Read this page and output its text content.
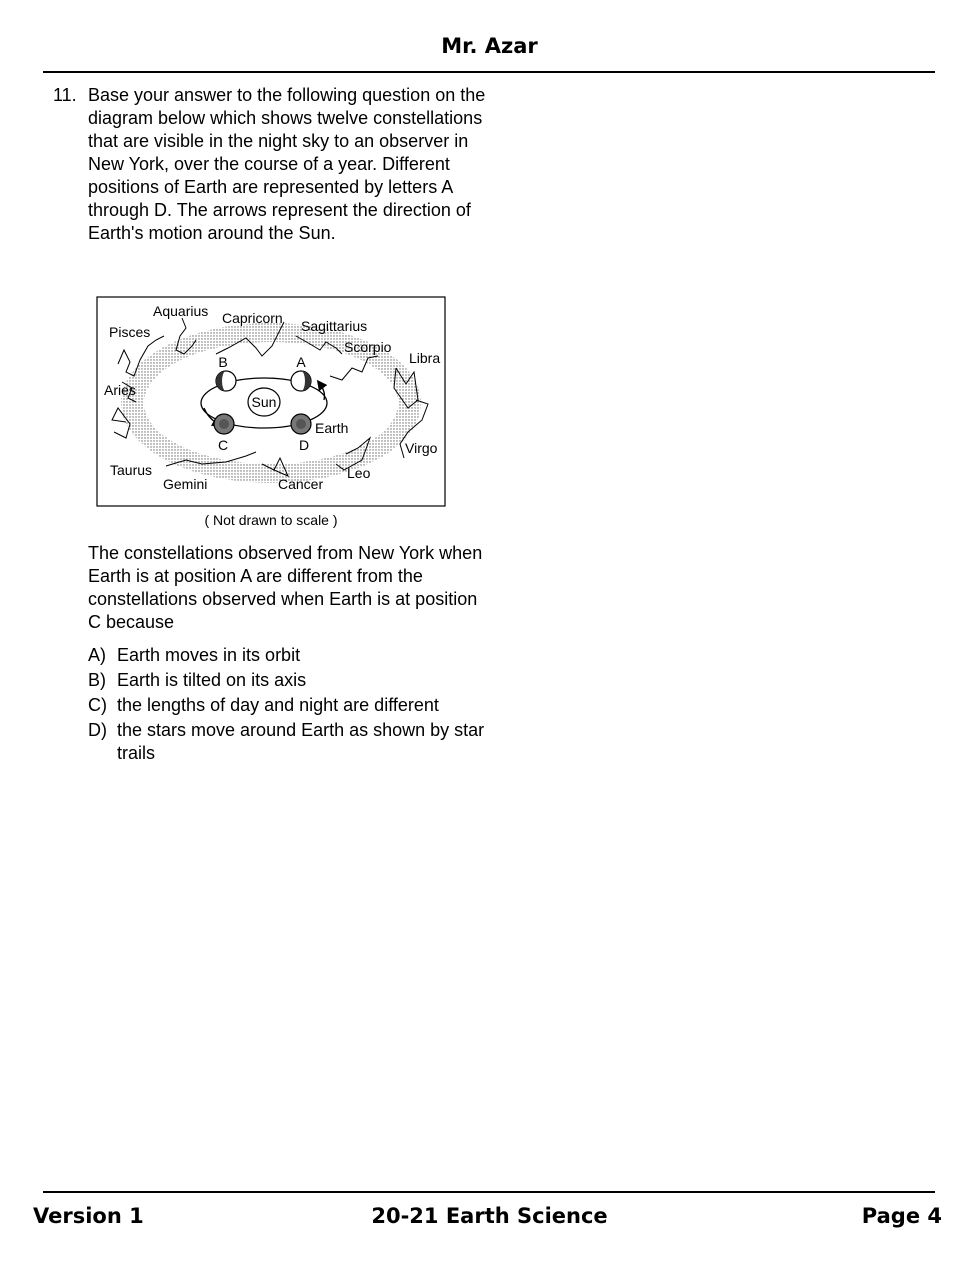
Mr. Azar
11. Base your answer to the following question on the diagram below which shows twelve constellations that are visible in the night sky to an observer in New York, over the course of a year. Different positions of Earth are represented by letters A through D. The arrows represent the direction of Earth's motion around the Sun.
Sun
A
B
C	D
Earth
Aquarius Capricorn Sagittarius
Scorpio
Libra
Virgo
Leo
Cancer
Gemini
Taurus
Aries
Pisces
( Not drawn to scale )
The constellations observed from New York when Earth is at position A are different from the constellations observed when Earth is at position C because
A) Earth moves in its orbit
B) Earth is tilted on its axis
C) the lengths of day and night are different
D) the stars move around Earth as shown by star trails
Version 1	20-21 Earth Science	Page 4
